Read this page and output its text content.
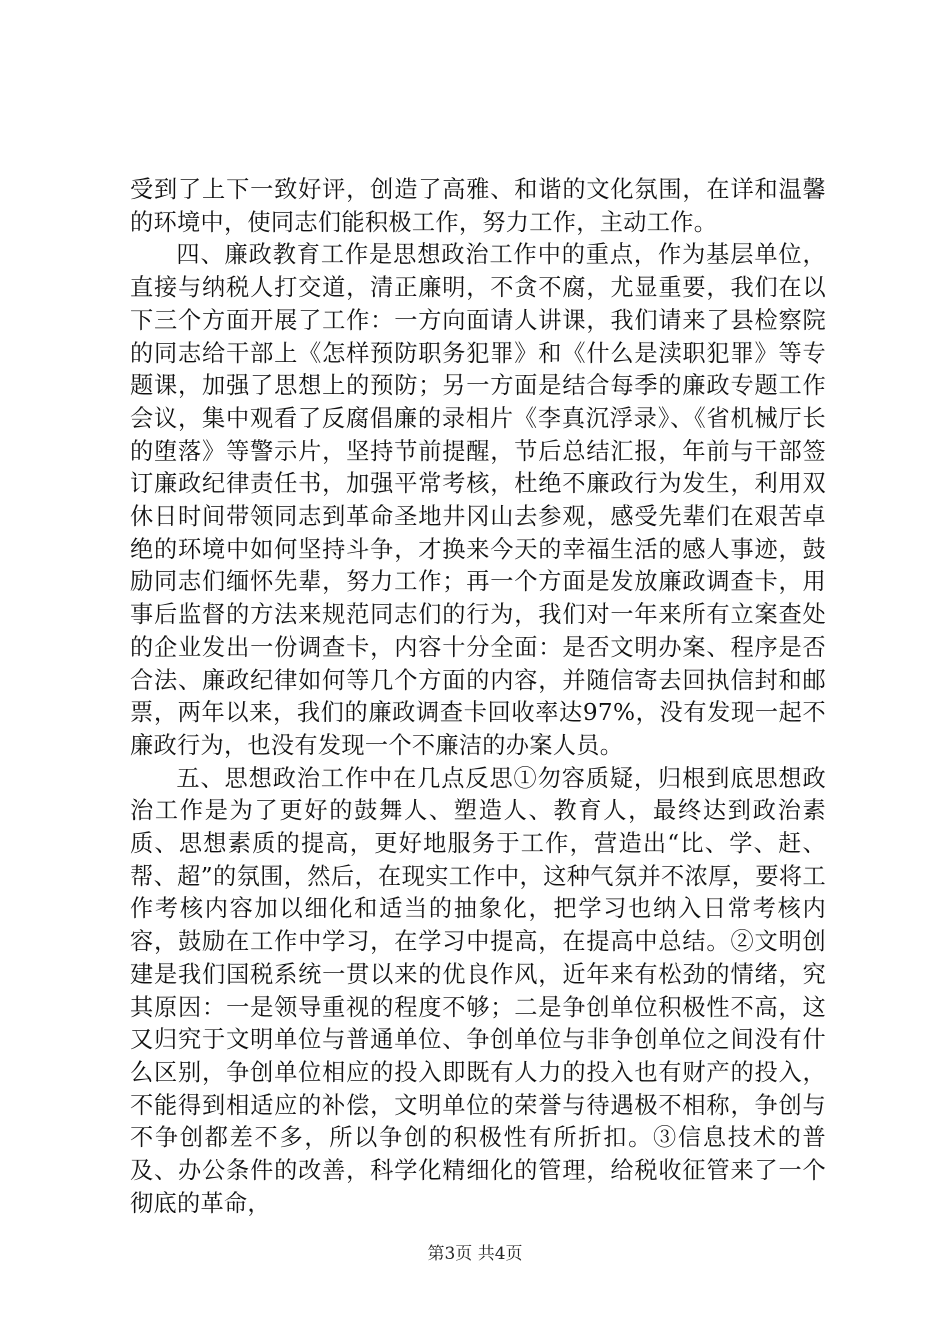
受到了上下一致好评，创造了高雅、和谐的文化氛围，在详和温馨的环境中，使同志们能积极工作，努力工作，主动工作。

四、廉政教育工作是思想政治工作中的重点，作为基层单位，直接与纳税人打交道，清正廉明，不贪不腐，尤显重要，我们在以下三个方面开展了工作：一方向面请人讲课，我们请来了县检察院的同志给干部上《怎样预防职务犯罪》和《什么是渎职犯罪》等专题课，加强了思想上的预防；另一方面是结合每季的廉政专题工作会议，集中观看了反腐倡廉的录相片《李真沉浮录》、《省机械厅长的堕落》等警示片，坚持节前提醒，节后总结汇报，年前与干部签订廉政纪律责任书，加强平常考核，杜绝不廉政行为发生，利用双休日时间带领同志到革命圣地井冈山去参观，感受先辈们在艰苦卓绝的环境中如何坚持斗争，才换来今天的幸福生活的感人事迹，鼓励同志们缅怀先辈，努力工作；再一个方面是发放廉政调查卡，用事后监督的方法来规范同志们的行为，我们对一年来所有立案查处的企业发出一份调查卡，内容十分全面：是否文明办案、程序是否合法、廉政纪律如何等几个方面的内容，并随信寄去回执信封和邮票，两年以来，我们的廉政调查卡回收率达97%，没有发现一起不廉政行为，也没有发现一个不廉洁的办案人员。

五、思想政治工作中在几点反思①勿容质疑，归根到底思想政治工作是为了更好的鼓舞人、塑造人、教育人，最终达到政治素质、思想素质的提高，更好地服务于工作，营造出“比、学、赶、帮、超”的氛围，然后，在现实工作中，这种气氛并不浓厚，要将工作考核内容加以细化和适当的抽象化，把学习也纳入日常考核内容，鼓励在工作中学习，在学习中提高，在提高中总结。②文明创建是我们国税系统一贯以来的优良作风，近年来有松劲的情绪，究其原因：一是领导重视的程度不够；二是争创单位积极性不高，这又归究于文明单位与普通单位、争创单位与非争创单位之间没有什么区别，争创单位相应的投入即既有人力的投入也有财产的投入，不能得到相适应的补偿，文明单位的荣誉与待遇极不相称，争创与不争创都差不多，所以争创的积极性有所折扣。③信息技术的普及、办公条件的改善，科学化精细化的管理，给税收征管来了一个彻底的革命，

第3页 共4页
